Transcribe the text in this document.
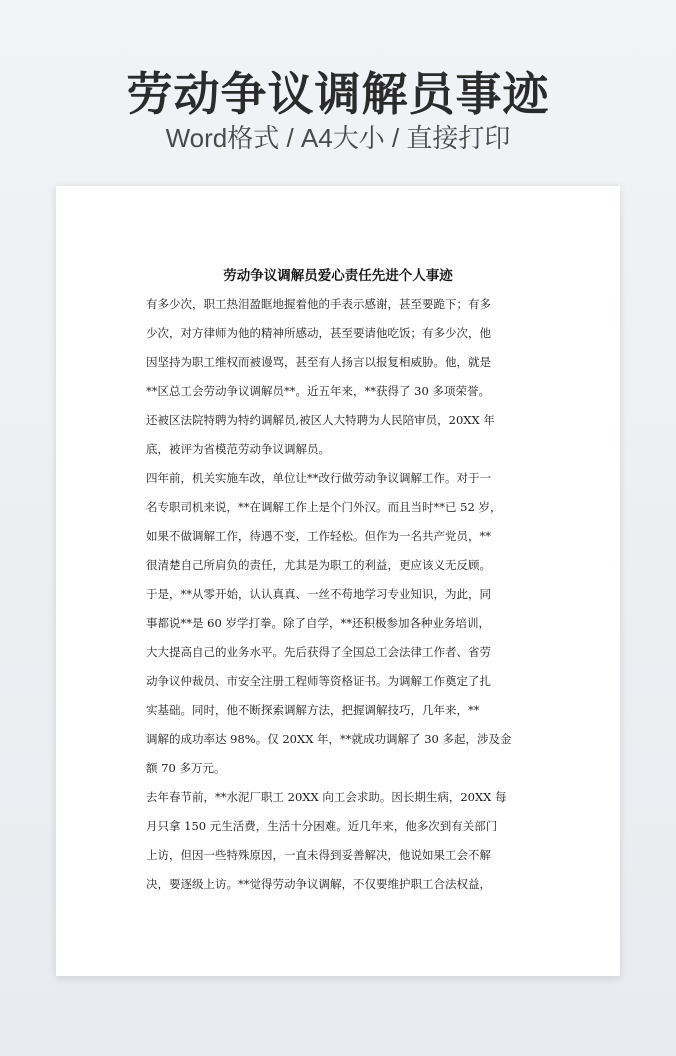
劳动争议调解员事迹
Word格式 / A4大小 / 直接打印
劳动争议调解员爱心责任先进个人事迹
有多少次，职工热泪盈眶地握着他的手表示感谢，甚至要跪下；有多
少次，对方律师为他的精神所感动，甚至要请他吃饭；有多少次，他
因坚持为职工维权而被谩骂，甚至有人扬言以报复相威胁。他，就是
**区总工会劳动争议调解员**。近五年来，**获得了 30 多项荣誉。
还被区法院特聘为特约调解员,被区人大特聘为人民陪审员，20XX 年
底，被评为省模范劳动争议调解员。
四年前，机关实施车改，单位让**改行做劳动争议调解工作。对于一
名专职司机来说，**在调解工作上是个门外汉。而且当时**已 52 岁，
如果不做调解工作，待遇不变，工作轻松。但作为一名共产党员，**
很清楚自己所肩负的责任，尤其是为职工的利益，更应该义无反顾。
于是，**从零开始，认认真真、一丝不苟地学习专业知识，为此，同
事都说**是 60 岁学打拳。除了自学，**还积极参加各种业务培训，
大大提高自己的业务水平。先后获得了全国总工会法律工作者、省劳
动争议仲裁员、市安全注册工程师等资格证书。为调解工作奠定了扎
实基础。同时，他不断探索调解方法，把握调解技巧，几年来，**
调解的成功率达 98%。仅 20XX 年，**就成功调解了 30 多起，涉及金
额 70 多万元。
去年春节前，**水泥厂职工 20XX 向工会求助。因长期生病，20XX 每
月只拿 150 元生活费，生活十分困难。近几年来，他多次到有关部门
上访，但因一些特殊原因，一直未得到妥善解决，他说如果工会不解
决，要逐级上访。**觉得劳动争议调解，不仅要维护职工合法权益，
